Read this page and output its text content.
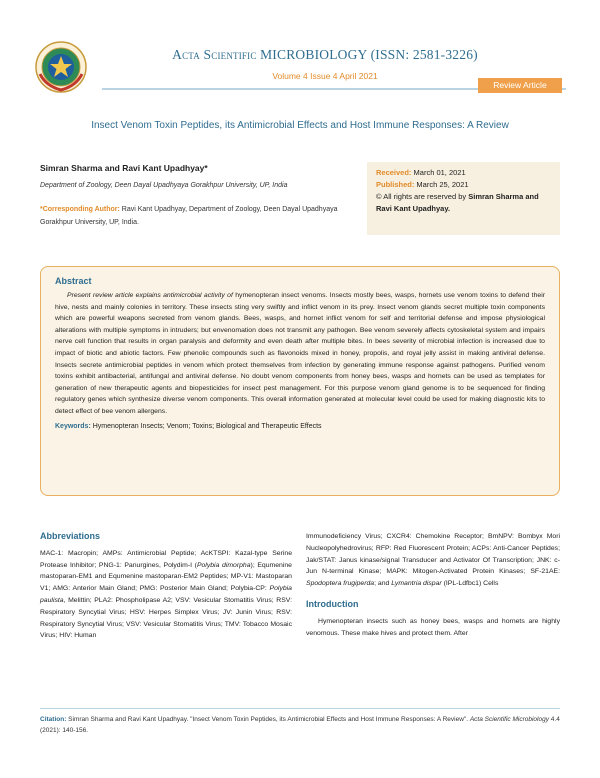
Acta Scientific MICROBIOLOGY (ISSN: 2581-3226)
Volume 4 Issue 4 April 2021
Review Article
Insect Venom Toxin Peptides, its Antimicrobial Effects and Host Immune Responses: A Review
Simran Sharma and Ravi Kant Upadhyay*
Department of Zoology, Deen Dayal Upadhyaya Gorakhpur University, UP, India
*Corresponding Author: Ravi Kant Upadhyay, Department of Zoology, Deen Dayal Upadhyaya Gorakhpur University, UP, India.
Received: March 01, 2021
Published: March 25, 2021
© All rights are reserved by Simran Sharma and Ravi Kant Upadhyay.
Abstract
Present review article explains antimicrobial activity of hymenopteran insect venoms. Insects mostly bees, wasps, hornets use venom toxins to defend their hive, nests and mainly colonies in territory. These insects sting very swiftly and inflict venom in its prey. Insect venom glands secret multiple toxin components which are powerful weapons secreted from venom glands. Bees, wasps, and hornet inflict venom for self and territorial defense and impose physiological alterations with multiple symptoms in intruders; but envenomation does not transmit any pathogen. Bee venom severely affects cytoskeletal system and impairs nerve cell function that results in organ paralysis and deformity and even death after multiple bites. In bees severity of microbial infection is increased due to impact of biotic and abiotic factors. Few phenolic compounds such as flavonoids mixed in honey, propolis, and royal jelly assist in making antiviral defense. Insects secrete antimicrobial peptides in venom which protect themselves from infection by generating immune response against pathogens. Purified venom toxins exhibit antibacterial, antifungal and antiviral defense. No doubt venom components from honey bees, wasps and hornets can be used as templates for generation of new therapeutic agents and biopesticides for insect pest management. For this purpose venom gland genome is to be sequenced for finding regulatory genes which synthesize diverse venom components. This overall information generated at molecular level could be used for making diagnostic kits to detect effect of bee venom allergens.
Keywords: Hymenopteran Insects; Venom; Toxins; Biological and Therapeutic Effects
Abbreviations
MAC-1: Macropin; AMPs: Antimicrobial Peptide; AcKTSPI: Kazal-type Serine Protease Inhibitor; PNG-1: Panurgines, Polydim-I (Polybia dimorpha); Equmenine mastoparan-EM1 and Equmenine mastoparan-EM2 Peptides; MP-V1: Mastoparan V1; AMG: Anterior Main Gland; PMG: Posterior Main Gland; Polybia-CP: Polybia paulista, Melittin; PLA2: Phospholipase A2; VSV: Vesicular Stomatitis Virus; RSV: Respiratory Syncytial Virus; HSV: Herpes Simplex Virus; JV: Junin Virus; RSV: Respiratory Syncytial Virus; VSV: Vesicular Stomatitis Virus; TMV: Tobacco Mosaic Virus; HIV: Human
Immunodeficiency Virus; CXCR4: Chemokine Receptor; BmNPV: Bombyx Mori Nucleopolyhedrovirus; RFP: Red Fluorescent Protein; ACPs: Anti-Cancer Peptides; Jak/STAT: Janus kinase/signal Transducer and Activator Of Transcription; JNK: c-Jun N-terminal Kinase; MAPK: Mitogen-Activated Protein Kinases; SF-21AE: Spodoptera frugiperda; and Lymantria dispar (IPL-Ldfbc1) Cells
Introduction
Hymenopteran insects such as honey bees, wasps and hornets are highly venomous. These make hives and protect them. After
Citation: Simran Sharma and Ravi Kant Upadhyay. "Insect Venom Toxin Peptides, its Antimicrobial Effects and Host Immune Responses: A Review". Acta Scientific Microbiology 4.4 (2021): 140-156.
